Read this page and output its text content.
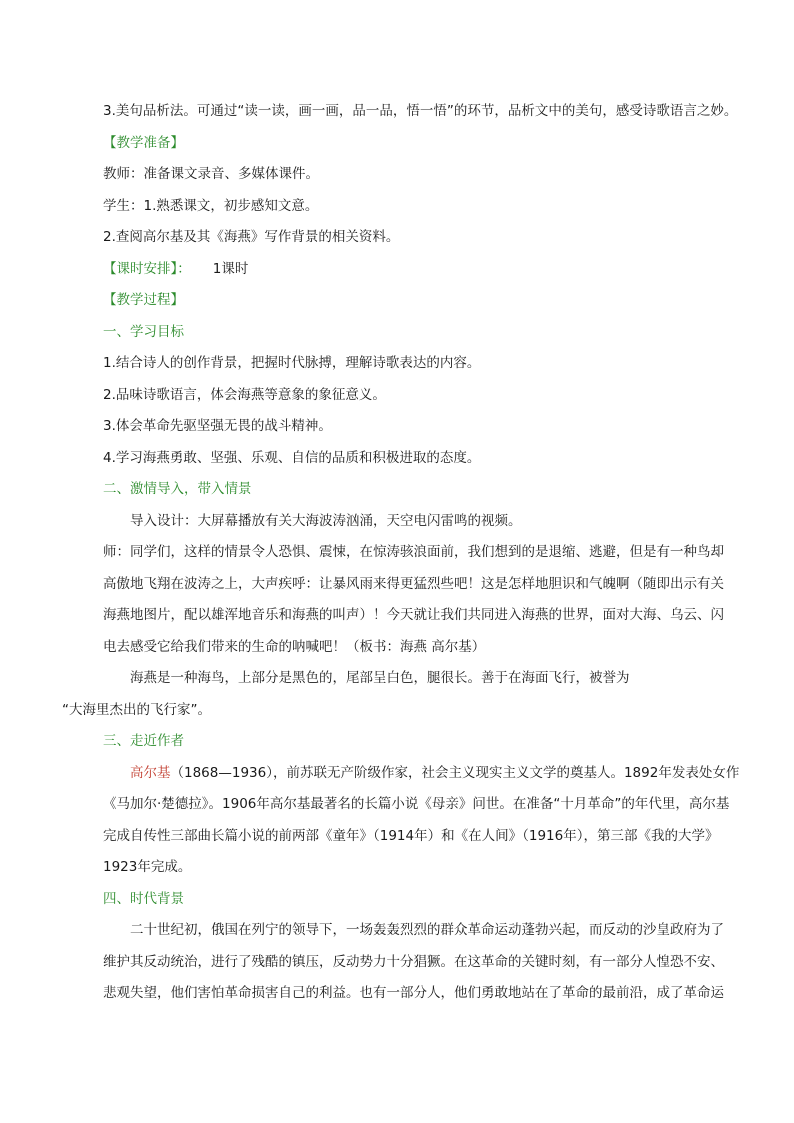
3.美句品析法。可通过“读一读，画一画，品一品，悟一悟”的环节，品析文中的美句，感受诗歌语言之妙。
【教学准备】
教师：准备课文录音、多媒体课件。
学生：1.熟悉课文，初步感知文意。
2.查阅高尔基及其《海燕》写作背景的相关资料。
【课时安排】： 1课时
【教学过程】
一、学习目标
1.结合诗人的创作背景，把握时代脉搏，理解诗歌表达的内容。
2.品味诗歌语言，体会海燕等意象的象征意义。
3.体会革命先驱坚强无畏的战斗精神。
4.学习海燕勇敢、坚强、乐观、自信的品质和积极进取的态度。
二、激情导入，带入情景
导入设计：大屏幕播放有关大海波涛汹涌，天空电闪雷鸣的视频。
师：同学们，这样的情景令人恐惧、震悚，在惊涛骇浪面前，我们想到的是退缩、逃避，但是有一种鸟却
高傲地飞翔在波涛之上，大声疾呼：让暴风雨来得更猛烈些吧！这是怎样地胆识和气魄啊（随即出示有关
海燕地图片，配以雄浑地音乐和海燕的叫声）！今天就让我们共同进入海燕的世界，面对大海、乌云、闪
电去感受它给我们带来的生命的呐喊吧！（板书：海燕 高尔基）
海燕是一种海鸟，上部分是黑色的，尾部呈白色，腿很长。善于在海面飞行，被誉为
“大海里杰出的飞行家”。
三、走近作者
高尔基（1868—1936），前苏联无产阶级作家，社会主义现实主义文学的奠基人。1892年发表处女作
《马加尔·楚德拉》。1906年高尔基最著名的长篇小说《母亲》问世。在准备“十月革命”的年代里，高尔基
完成自传性三部曲长篇小说的前两部《童年》（1914年）和《在人间》（1916年），第三部《我的大学》
1923年完成。
四、时代背景
二十世纪初，俄国在列宁的领导下，一场轰轰烈烈的群众革命运动蓬勃兴起，而反动的沙皇政府为了
维护其反动统治，进行了残酷的镇压，反动势力十分猖獗。在这革命的关键时刻，有一部分人惶恐不安、
悲观失望，他们害怕革命损害自己的利益。也有一部分人，他们勇敢地站在了革命的最前沿，成了革命运
